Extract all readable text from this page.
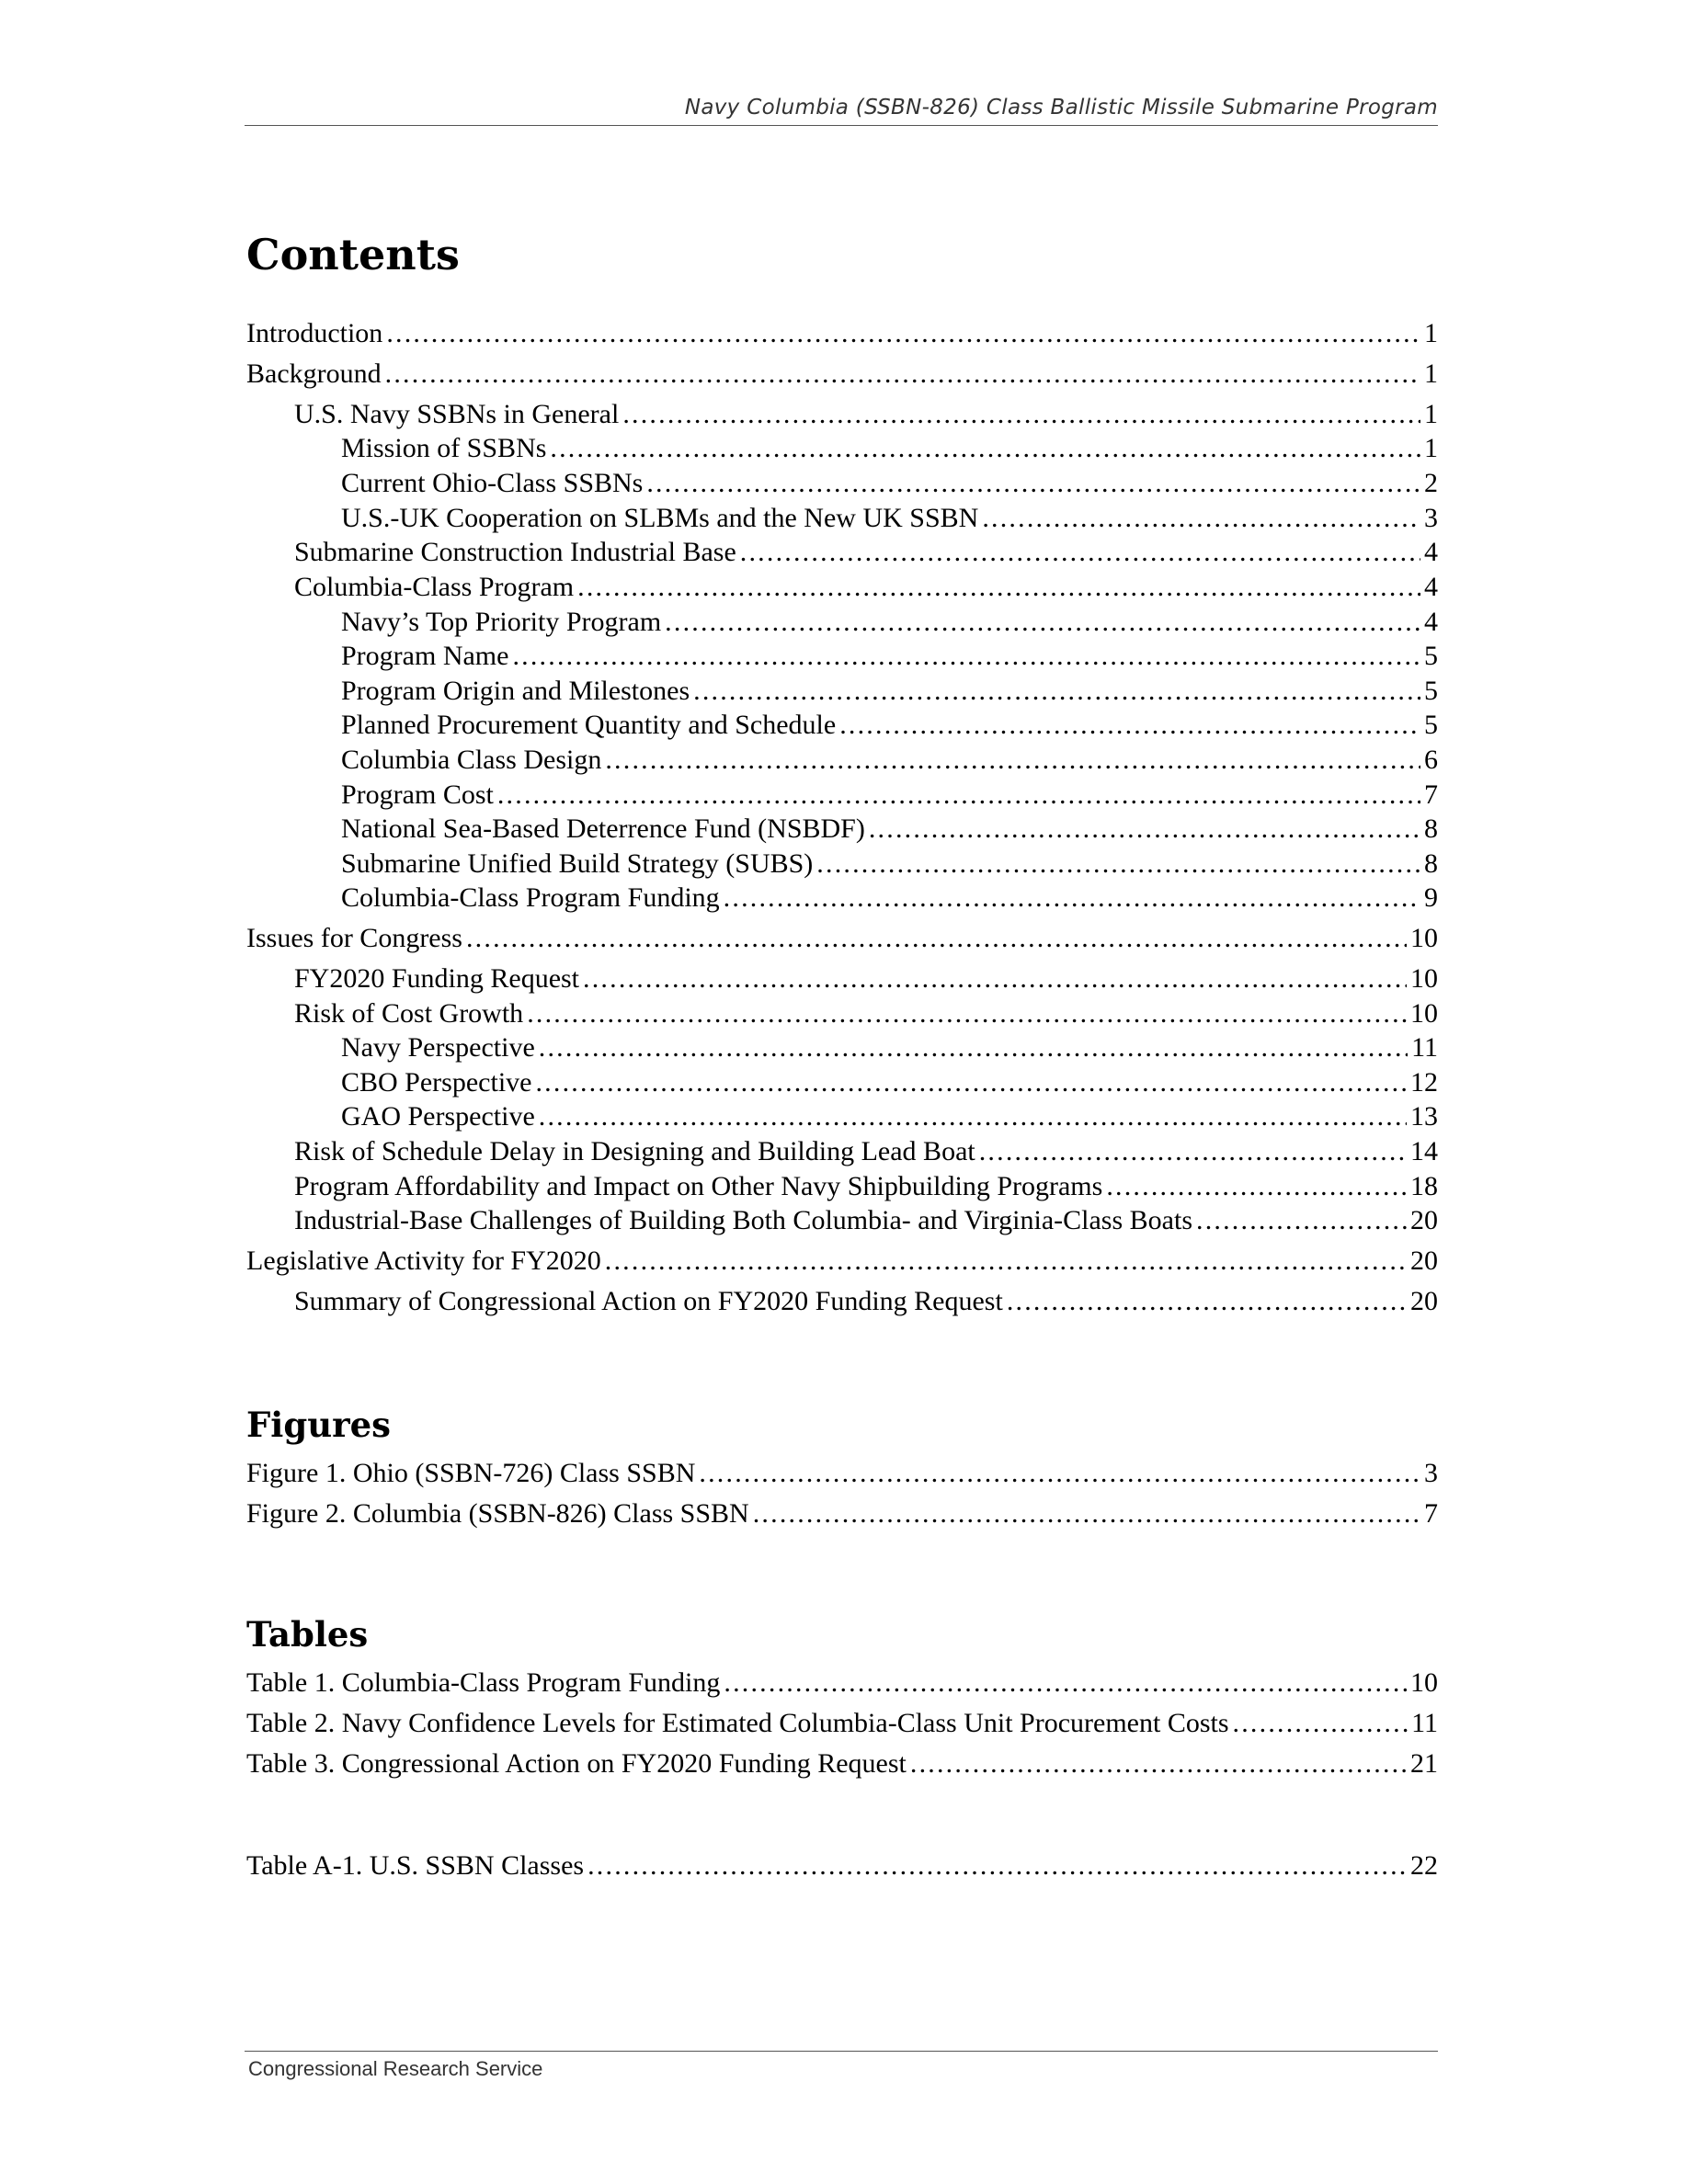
Navy Columbia (SSBN-826) Class Ballistic Missile Submarine Program
Contents
Introduction .....	1
Background .....	1
U.S. Navy SSBNs in General .....	1
Mission of SSBNs .....	1
Current Ohio-Class SSBNs .....	2
U.S.-UK Cooperation on SLBMs and the New UK SSBN .....	3
Submarine Construction Industrial Base .....	4
Columbia-Class Program .....	4
Navy’s Top Priority Program .....	4
Program Name .....	5
Program Origin and Milestones .....	5
Planned Procurement Quantity and Schedule .....	5
Columbia Class Design .....	6
Program Cost .....	7
National Sea-Based Deterrence Fund (NSBDF) .....	8
Submarine Unified Build Strategy (SUBS) .....	8
Columbia-Class Program Funding .....	9
Issues for Congress .....	10
FY2020 Funding Request .....	10
Risk of Cost Growth .....	10
Navy Perspective .....	11
CBO Perspective .....	12
GAO Perspective .....	13
Risk of Schedule Delay in Designing and Building Lead Boat .....	14
Program Affordability and Impact on Other Navy Shipbuilding Programs .....	18
Industrial-Base Challenges of Building Both Columbia- and Virginia-Class Boats .....	20
Legislative Activity for FY2020 .....	20
Summary of Congressional Action on FY2020 Funding Request .....	20
Figures
Figure 1. Ohio (SSBN-726) Class SSBN .....	3
Figure 2. Columbia (SSBN-826) Class SSBN .....	7
Tables
Table 1. Columbia-Class Program Funding .....	10
Table 2. Navy Confidence Levels for Estimated Columbia-Class Unit Procurement Costs .....	11
Table 3. Congressional Action on FY2020 Funding Request .....	21
Table A-1. U.S. SSBN Classes .....	22
Congressional Research Service
